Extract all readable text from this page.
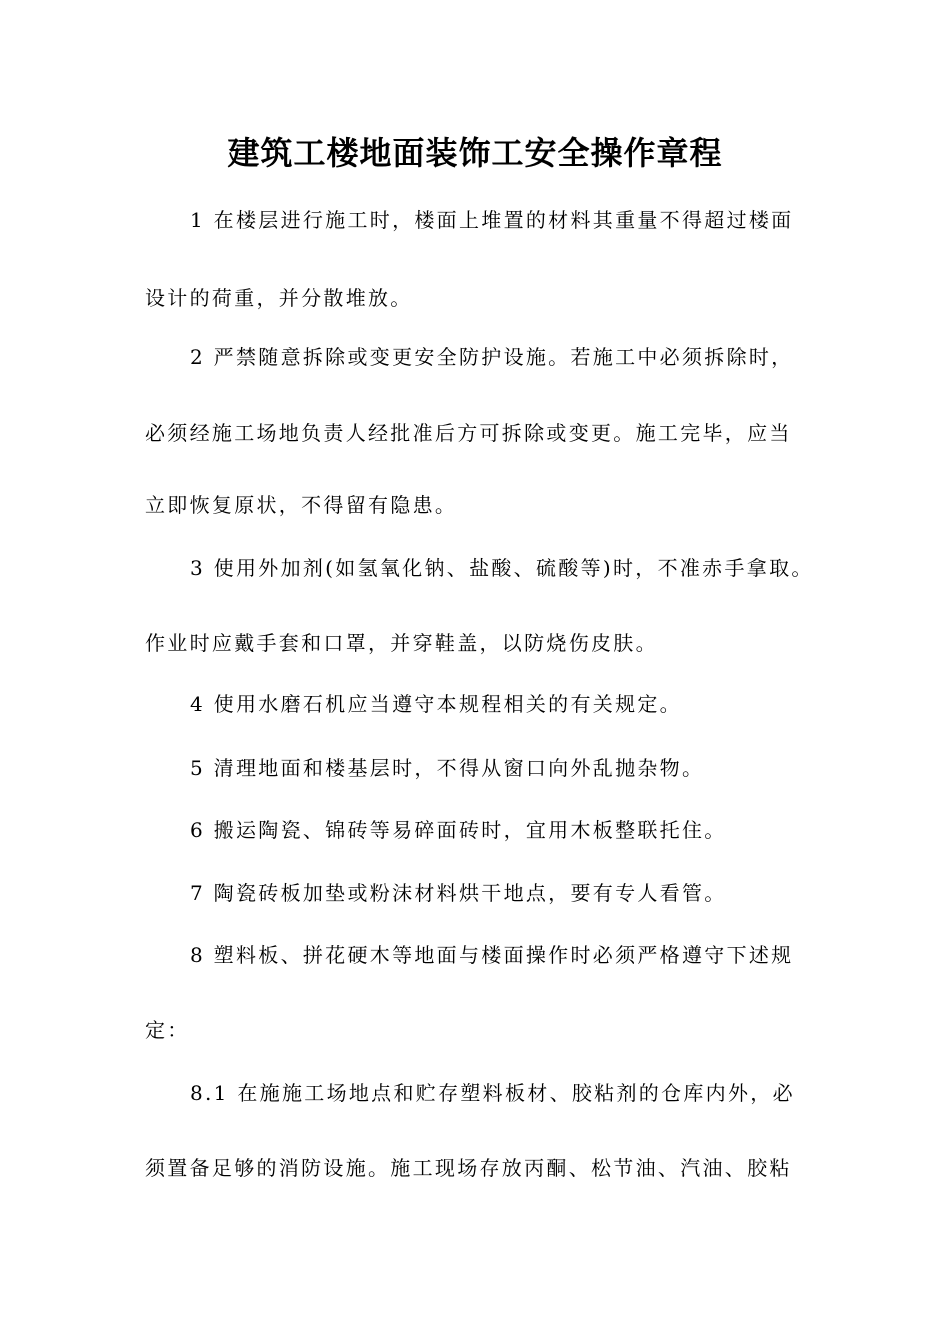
建筑工楼地面装饰工安全操作章程
1 在楼层进行施工时，楼面上堆置的材料其重量不得超过楼面
设计的荷重，并分散堆放。
2 严禁随意拆除或变更安全防护设施。若施工中必须拆除时，
必须经施工场地负责人经批准后方可拆除或变更。施工完毕，应当
立即恢复原状，不得留有隐患。
3 使用外加剂(如氢氧化钠、盐酸、硫酸等)时，不准赤手拿取。
作业时应戴手套和口罩，并穿鞋盖，以防烧伤皮肤。
4 使用水磨石机应当遵守本规程相关的有关规定。
5 清理地面和楼基层时，不得从窗口向外乱抛杂物。
6 搬运陶瓷、锦砖等易碎面砖时，宜用木板整联托住。
7 陶瓷砖板加垫或粉沫材料烘干地点，要有专人看管。
8 塑料板、拼花硬木等地面与楼面操作时必须严格遵守下述规
定：
8.1 在施施工场地点和贮存塑料板材、胶粘剂的仓库内外，必
须置备足够的消防设施。施工现场存放丙酮、松节油、汽油、胶粘
